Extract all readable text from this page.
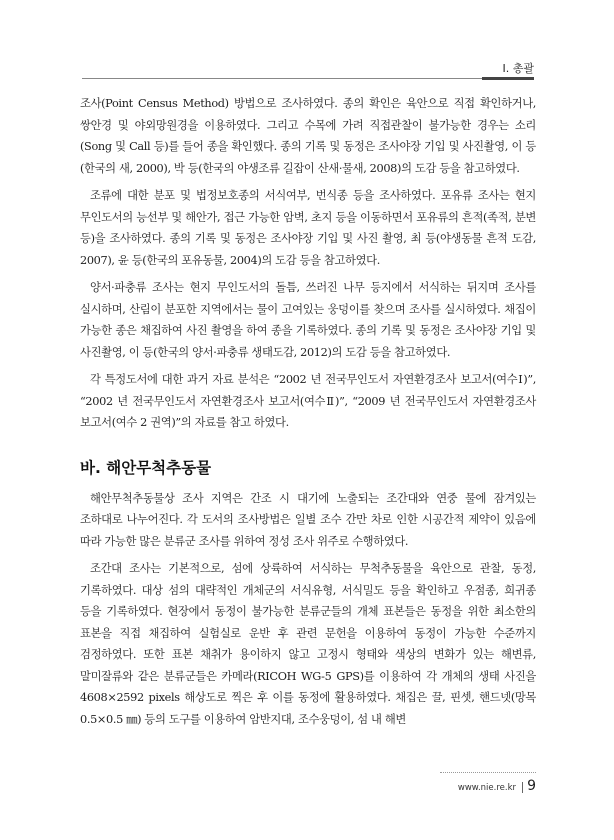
Ⅰ. 총괄

조사(Point Census Method) 방법으로 조사하였다. 종의 확인은 육안으로 직접 확인하거나, 쌍안경 및 야외망원경을 이용하였다. 그리고 수목에 가려 직접관찰이 불가능한 경우는 소리(Song 및 Call 등)를 들어 종을 확인했다. 종의 기록 및 동정은 조사야장 기입 및 사진촬영, 이 등(한국의 새, 2000), 박 등(한국의 야생조류 길잡이 산새·물새, 2008)의 도감 등을 참고하였다.

조류에 대한 분포 및 법정보호종의 서식여부, 번식종 등을 조사하였다. 포유류 조사는 현지 무인도서의 능선부 및 해안가, 접근 가능한 암벽, 초지 등을 이동하면서 포유류의 흔적(족적, 분변 등)을 조사하였다. 종의 기록 및 동정은 조사야장 기입 및 사진 촬영, 최 등(야생동물 흔적 도감, 2007), 윤 등(한국의 포유동물, 2004)의 도감 등을 참고하였다.

양서·파충류 조사는 현지 무인도서의 돌틈, 쓰러진 나무 등지에서 서식하는 뒤지며 조사를 실시하며, 산림이 분포한 지역에서는 물이 고여있는 웅덩이를 찾으며 조사를 실시하였다. 채집이 가능한 종은 채집하여 사진 촬영을 하여 종을 기록하였다. 종의 기록 및 동정은 조사야장 기입 및 사진촬영, 이 등(한국의 양서·파충류 생태도감, 2012)의 도감 등을 참고하였다.

각 특정도서에 대한 과거 자료 분석은 “2002 년 전국무인도서 자연환경조사 보고서(여수Ⅰ)”, “2002 년 전국무인도서 자연환경조사 보고서(여수Ⅱ)”, “2009 년 전국무인도서 자연환경조사 보고서(여수 2 권역)”의 자료를 참고 하였다.

바. 해안무척추동물

해안무척추동물상 조사 지역은 간조 시 대기에 노출되는 조간대와 연중 물에 잠겨있는 조하대로 나누어진다. 각 도서의 조사방법은 일별 조수 간만 차로 인한 시공간적 제약이 있음에 따라 가능한 많은 분류군 조사를 위하여 정성 조사 위주로 수행하였다.

조간대 조사는 기본적으로, 섬에 상륙하여 서식하는 무척추동물을 육안으로 관찰, 동정, 기록하였다. 대상 섬의 대략적인 개체군의 서식유형, 서식밀도 등을 확인하고 우점종, 희귀종 등을 기록하였다. 현장에서 동정이 불가능한 분류군들의 개체 표본들은 동정을 위한 최소한의 표본을 직접 채집하여 실험실로 운반 후 관련 문헌을 이용하여 동정이 가능한 수준까지 검정하였다. 또한 표본 채취가 용이하지 않고 고정시 형태와 색상의 변화가 있는 해변류, 말미잘류와 같은 분류군들은 카메라(RICOH WG-5 GPS)를 이용하여 각 개체의 생태 사진을 4608×2592 pixels 해상도로 찍은 후 이를 동정에 활용하였다. 채집은 끌, 핀셋, 핸드넷(망목 0.5×0.5 ㎜) 등의 도구를 이용하여 암반지대, 조수웅덩이, 섬 내 해변

www.nie.re.kr 9
